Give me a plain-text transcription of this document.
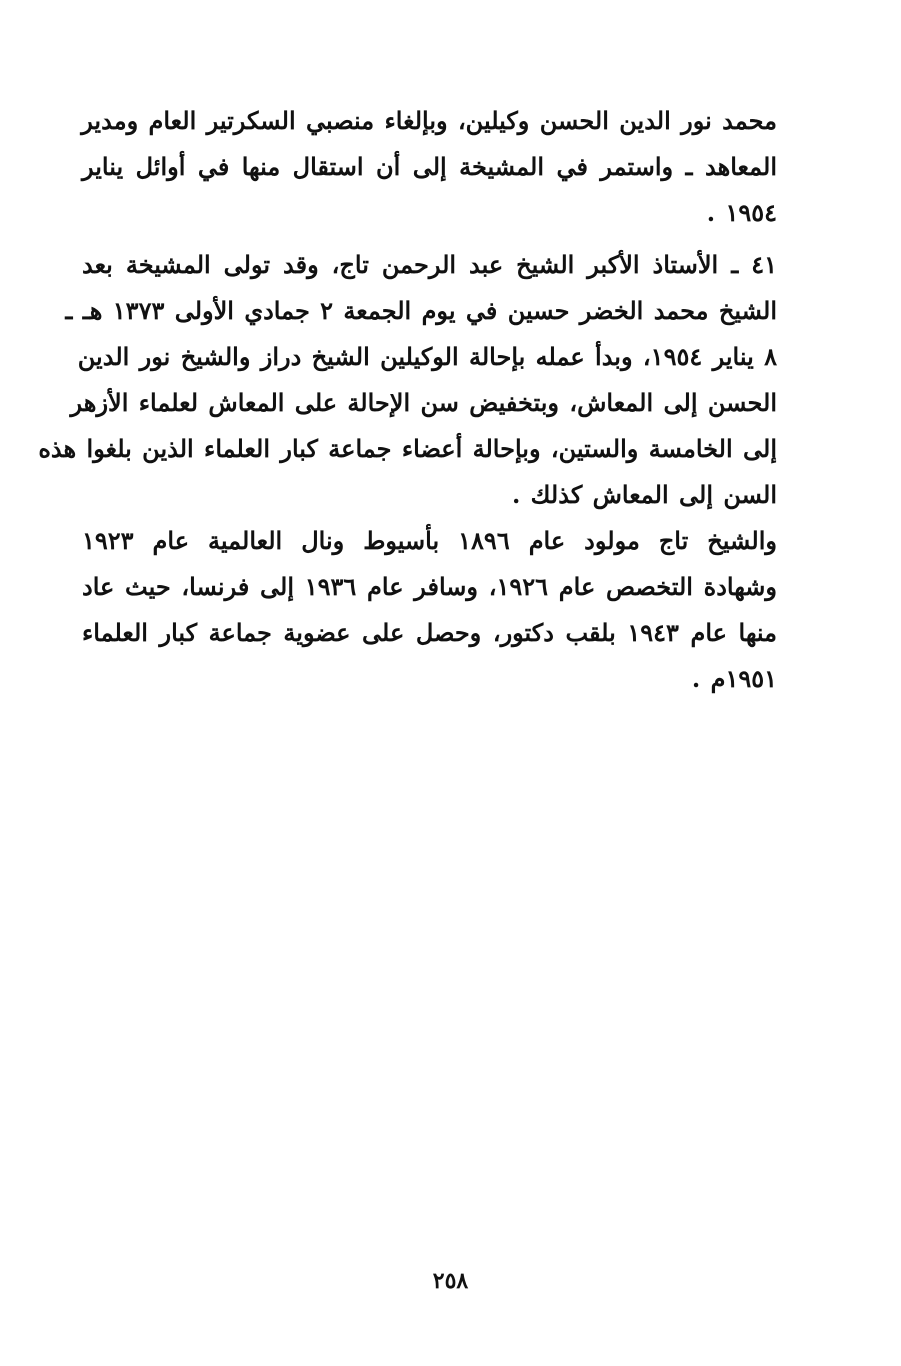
محمد نور الدين الحسن وكيلين، وبإلغاء منصبي السكرتير العام ومدير
المعاهد ـ واستمر في المشيخة إلى أن استقال منها في أوائل يناير
١٩٥٤ .
٤١ ـ الأستاذ الأكبر الشيخ عبد الرحمن تاج، وقد تولى المشيخة بعد
الشيخ محمد الخضر حسين في يوم الجمعة ٢ جمادي الأولى ١٣٧٣ هـ ـ
٨ يناير ١٩٥٤، وبدأ عمله بإحالة الوكيلين الشيخ دراز والشيخ نور الدين
الحسن إلى المعاش، وبتخفيض سن الإحالة على المعاش لعلماء الأزهر
إلى الخامسة والستين، وبإحالة أعضاء جماعة كبار العلماء الذين بلغوا هذه
السن إلى المعاش كذلك .
والشيخ تاج مولود عام ١٨٩٦ بأسيوط ونال العالمية عام ١٩٢٣
وشهادة التخصص عام ١٩٢٦، وسافر عام ١٩٣٦ إلى فرنسا، حيث عاد
منها عام ١٩٤٣ بلقب دكتور، وحصل على عضوية جماعة كبار العلماء
١٩٥١م .
٢٥٨
